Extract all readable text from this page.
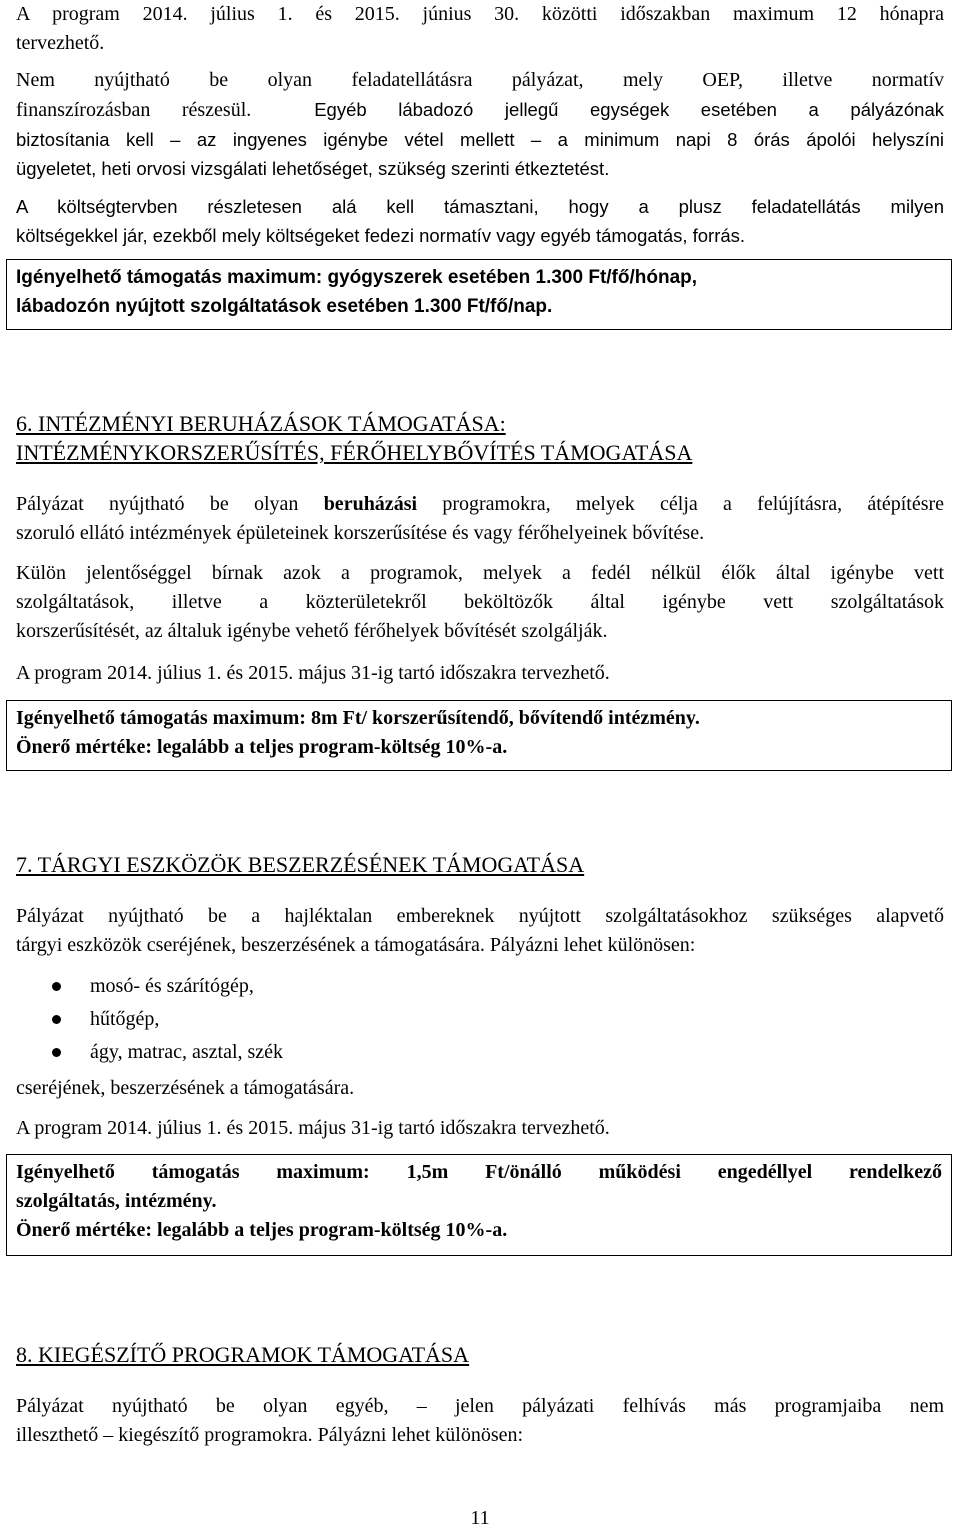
A program 2014. július 1. és 2015. június 30. közötti időszakban maximum 12 hónapra
tervezhető.
Nem nyújtható be olyan feladatellátásra pályázat, mely OEP, illetve normatív
finanszírozásban részesül.	Egyéb lábadozó jellegű egységek esetében a pályázónak
biztosítania kell – az ingyenes igénybe vétel mellett – a minimum napi 8 órás ápolói helyszíni
ügyeletet, heti orvosi vizsgálati lehetőséget, szükség szerinti étkeztetést.
A költségtervben részletesen alá kell támasztani, hogy a plusz feladatellátás milyen
költségekkel jár, ezekből mely költségeket fedezi normatív vagy egyéb támogatás, forrás.
Igényelhető támogatás maximum: gyógyszerek esetében 1.300 Ft/fő/hónap,
lábadozón nyújtott szolgáltatások esetében 1.300 Ft/fő/nap.
6. INTÉZMÉNYI BERUHÁZÁSOK TÁMOGATÁSA:
INTÉZMÉNYKORSZERŰSÍTÉS, FÉRŐHELYBŐVÍTÉS TÁMOGATÁSA
Pályázat nyújtható be olyan beruházási programokra, melyek célja a felújításra, átépítésre
szoruló ellátó intézmények épületeinek korszerűsítése és vagy férőhelyeinek bővítése.
Külön jelentőséggel bírnak azok a programok, melyek a fedél nélkül élők által igénybe vett
szolgáltatások, illetve a közterületekről beköltözők által igénybe vett szolgáltatások
korszerűsítését, az általuk igénybe vehető férőhelyek bővítését szolgálják.
A program 2014. július 1. és 2015. május 31-ig tartó időszakra tervezhető.
Igényelhető támogatás maximum: 8m Ft/ korszerűsítendő, bővítendő intézmény.
Önerő mértéke: legalább a teljes program-költség 10%-a.
7. TÁRGYI ESZKÖZÖK BESZERZÉSÉNEK TÁMOGATÁSA
Pályázat nyújtható be a hajléktalan embereknek nyújtott szolgáltatásokhoz szükséges alapvető
tárgyi eszközök cseréjének, beszerzésének a támogatására. Pályázni lehet különösen:
mosó- és szárítógép,
hűtőgép,
ágy, matrac, asztal, szék
cseréjének, beszerzésének a támogatására.
A program 2014. július 1. és 2015. május 31-ig tartó időszakra tervezhető.
Igényelhető támogatás maximum: 1,5m Ft/önálló működési engedéllyel rendelkező
szolgáltatás, intézmény.
Önerő mértéke: legalább a teljes program-költség 10%-a.
8. KIEGÉSZÍTŐ PROGRAMOK TÁMOGATÁSA
Pályázat nyújtható be olyan egyéb, – jelen pályázati felhívás más programjaiba nem
illeszthető – kiegészítő programokra. Pályázni lehet különösen:
11
